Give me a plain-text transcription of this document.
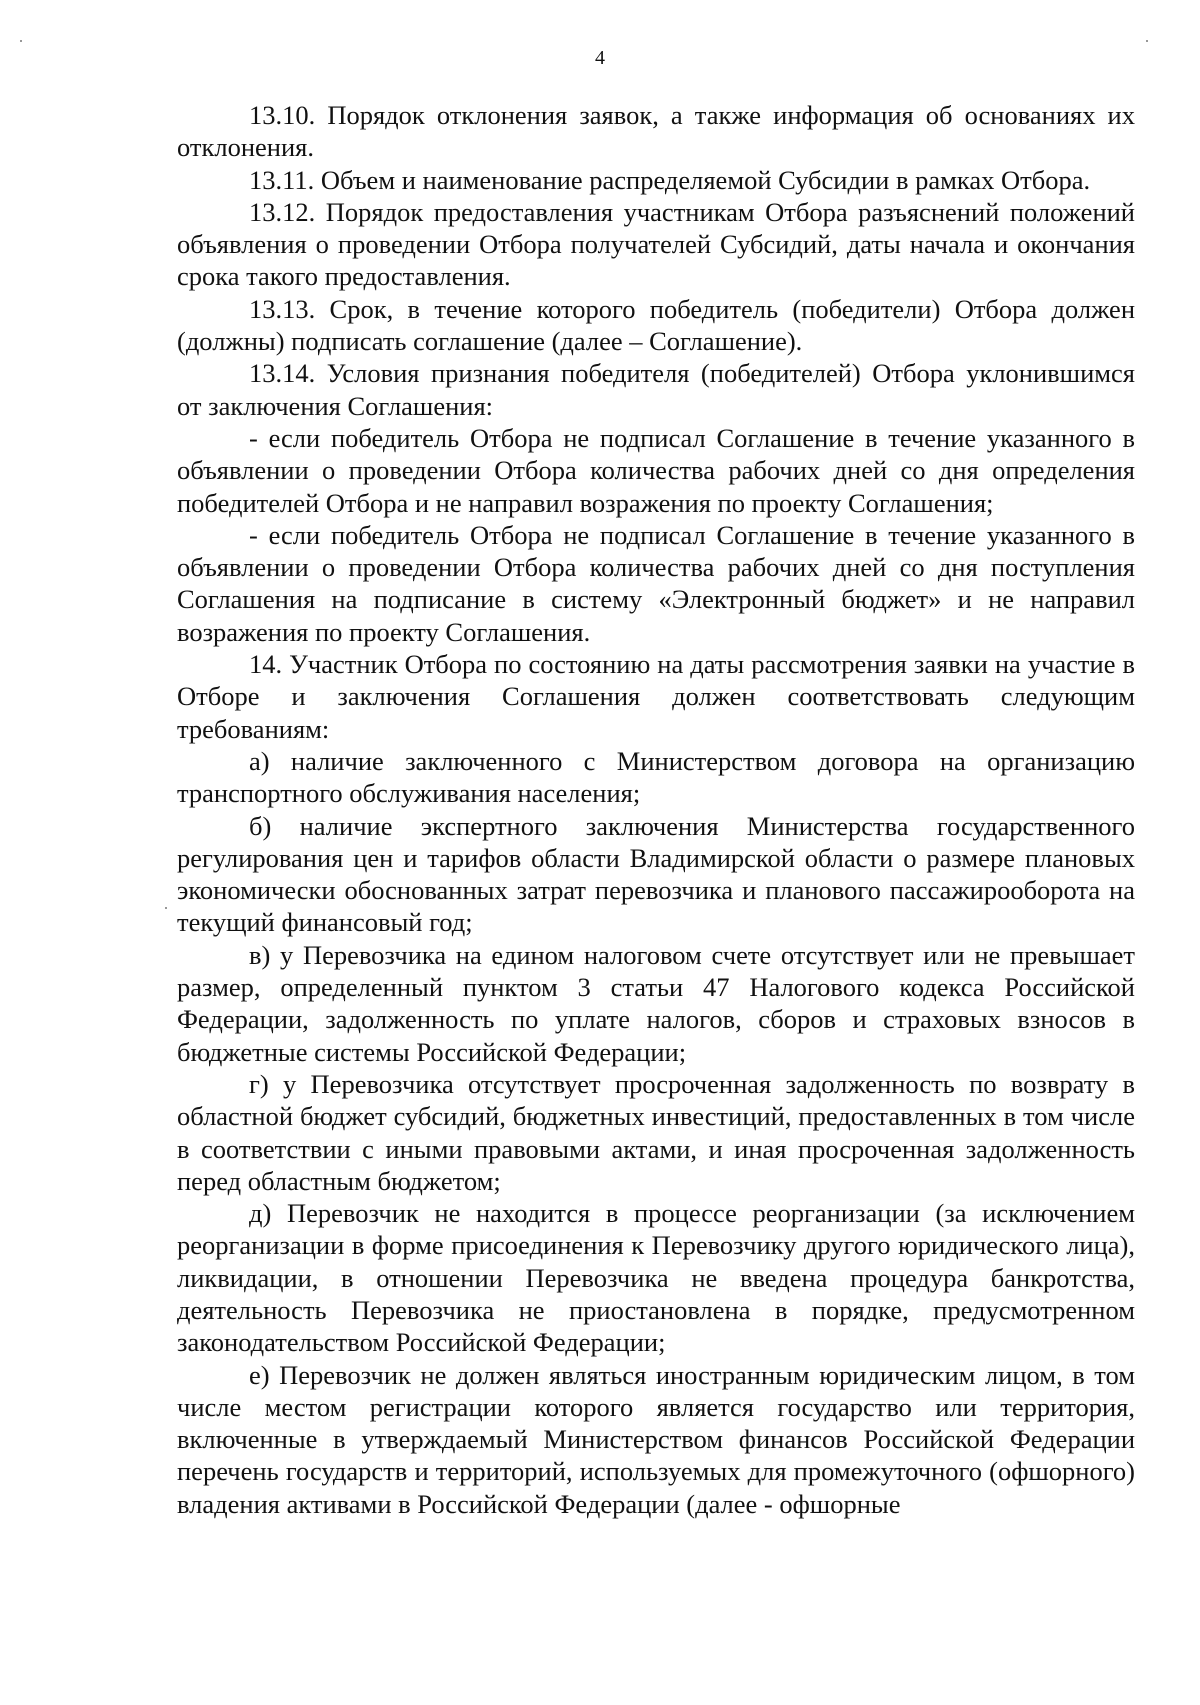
4

13.10. Порядок отклонения заявок, а также информация об основаниях их отклонения.

13.11. Объем и наименование распределяемой Субсидии в рамках Отбора.

13.12. Порядок предоставления участникам Отбора разъяснений положений объявления о проведении Отбора получателей Субсидий, даты начала и окончания срока такого предоставления.

13.13. Срок, в течение которого победитель (победители) Отбора должен (должны) подписать соглашение (далее – Соглашение).

13.14. Условия признания победителя (победителей) Отбора уклонившимся от заключения Соглашения:

- если победитель Отбора не подписал Соглашение в течение указанного в объявлении о проведении Отбора количества рабочих дней со дня определения победителей Отбора и не направил возражения по проекту Соглашения;

- если победитель Отбора не подписал Соглашение в течение указанного в объявлении о проведении Отбора количества рабочих дней со дня поступления Соглашения на подписание в систему «Электронный бюджет» и не направил возражения по проекту Соглашения.

14. Участник Отбора по состоянию на даты рассмотрения заявки на участие в Отборе и заключения Соглашения должен соответствовать следующим требованиям:

а) наличие заключенного с Министерством договора на организацию транспортного обслуживания населения;

б) наличие экспертного заключения Министерства государственного регулирования цен и тарифов области Владимирской области о размере плановых экономически обоснованных затрат перевозчика и планового пассажирооборота на текущий финансовый год;

в) у Перевозчика на едином налоговом счете отсутствует или не превышает размер, определенный пунктом 3 статьи 47 Налогового кодекса Российской Федерации, задолженность по уплате налогов, сборов и страховых взносов в бюджетные системы Российской Федерации;

г) у Перевозчика отсутствует просроченная задолженность по возврату в областной бюджет субсидий, бюджетных инвестиций, предоставленных в том числе в соответствии с иными правовыми актами, и иная просроченная задолженность перед областным бюджетом;

д) Перевозчик не находится в процессе реорганизации (за исключением реорганизации в форме присоединения к Перевозчику другого юридического лица), ликвидации, в отношении Перевозчика не введена процедура банкротства, деятельность Перевозчика не приостановлена в порядке, предусмотренном законодательством Российской Федерации;

е) Перевозчик не должен являться иностранным юридическим лицом, в том числе местом регистрации которого является государство или территория, включенные в утверждаемый Министерством финансов Российской Федерации перечень государств и территорий, используемых для промежуточного (офшорного) владения активами в Российской Федерации (далее - офшорные
